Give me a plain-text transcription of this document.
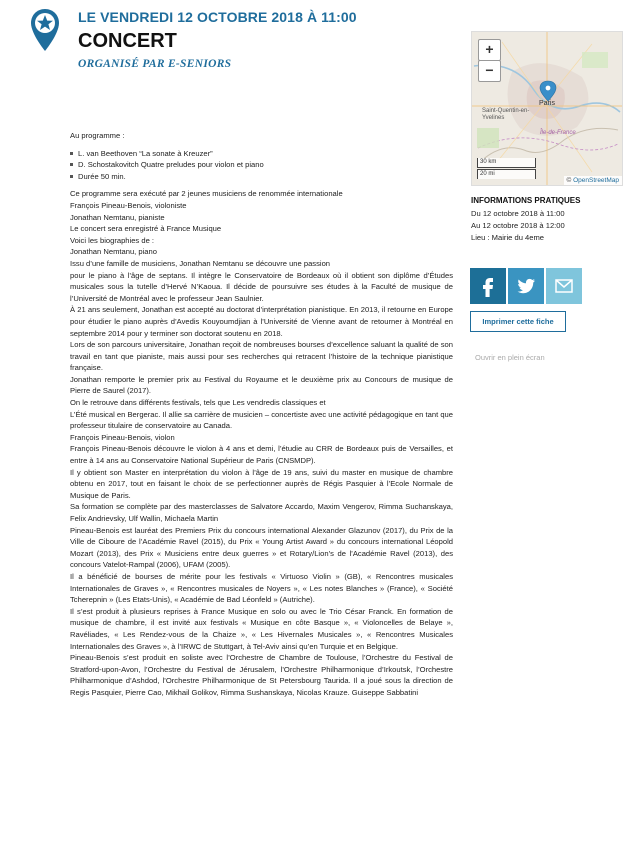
LE VENDREDI 12 OCTOBRE 2018 À 11:00
CONCERT
ORGANISÉ PAR E-SENIORS

Au programme :

L. van Beethoven “La sonate à Kreuzer”
D. Schostakovitch Quatre preludes pour violon et piano
Durée 50 min.

Ce programme sera exécuté par 2 jeunes musiciens de renommée internationale

François Pineau-Benois, violoniste

Jonathan Nemtanu, pianiste

Le concert sera enregistré à France Musique

Voici les biographies de :

Jonathan Nemtanu, piano

Issu d’une famille de musiciens, Jonathan Nemtanu se découvre une passion

pour le piano à l’âge de septans. Il intègre le Conservatoire de Bordeaux où il obtient son diplôme d’Études musicales sous la tutelle d’Hervé N’Kaoua. Il décide de poursuivre ses études à la Faculté de musique de l’Université de Montréal avec le professeur Jean Saulnier.

À 21 ans seulement, Jonathan est accepté au doctorat d’interprétation pianistique. En 2013, il retourne en Europe pour étudier le piano auprès d’Avedis Kouyoumdjian à l’Université de Vienne avant de retourner à Montréal en septembre 2014 pour y terminer son doctorat soutenu en 2018.

Lors de son parcours universitaire, Jonathan reçoit de nombreuses bourses d’excellence saluant la qualité de son travail en tant que pianiste, mais aussi pour ses recherches qui retracent l’histoire de la technique pianistique française.

Jonathan remporte le premier prix au Festival du Royaume et le deuxième prix au Concours de musique de Pierre de Saurel (2017).

On le retrouve dans différents festivals, tels que Les vendredis classiques et

L’Été musical en Bergerac. Il allie sa carrière de musicien – concertiste avec une activité pédagogique en tant que professeur titulaire de conservatoire au Canada.

François Pineau-Benois, violon

François Pineau-Benois découvre le violon à 4 ans et demi, l’étudie au CRR de Bordeaux puis de Versailles, et entre à 14 ans au Conservatoire National Supérieur de Paris (CNSMDP).

Il y obtient son Master en interprétation du violon à l’âge de 19 ans, suivi du master en musique de chambre obtenu en 2017, tout en faisant le choix de se perfectionner auprès de Régis Pasquier à l’Ecole Normale de Musique de Paris.

Sa formation se complète par des masterclasses de Salvatore Accardo, Maxim Vengerov, Rimma Suchanskaya, Felix Andrievsky, Ulf Wallin, Michaela Martin

Pineau-Benois est lauréat des Premiers Prix du concours international Alexander Glazunov (2017), du Prix de la Ville de Ciboure de l’Académie Ravel (2015), du Prix « Young Artist Award » du concours international Léopold Mozart (2013), des Prix « Musiciens entre deux guerres » et Rotary/Lion’s de l’Académie Ravel (2013), des concours Vatelot-Rampal (2006), UFAM (2005).

Il a bénéficié de bourses de mérite pour les festivals « Virtuoso Violin » (GB), « Rencontres musicales Internationales de Graves », « Rencontres musicales de Noyers », « Les notes Blanches » (France), « Société Tcherepnin » (Les Etats-Unis), « Académie de Bad Léonfeld » (Autriche).

Il s’est produit à plusieurs reprises à France Musique en solo ou avec le Trio César Franck. En formation de musique de chambre, il est invité aux festivals « Musique en côte Basque », « Violoncelles de Belaye », Ravéliades, « Les Rendez-vous de la Chaize », « Les Hivernales Musicales », « Rencontres Musicales Internationales des Graves », à l’IRWC de Stuttgart, à Tel-Aviv ainsi qu’en Turquie et en Belgique.

Pineau-Benois s’est produit en soliste avec l’Orchestre de Chambre de Toulouse, l’Orchestre du Festival de Stratford-upon-Avon, l’Orchestre du Festival de Jérusalem, l’Orchestre Philharmonique d’Irkoutsk, l’Orchestre Philharmonique d’Ashdod, l’Orchestre Philharmonique de St Petersbourg Taurida. Il a joué sous la direction de Regis Pasquier, Pierre Cao, Mikhail Golikov, Rimma Sushanskaya, Nicolas Krauze. Guiseppe Sabbatini

+
−
Paris
Saint-Quentin-en-Yvelines
Île-de-France
30 km
20 mi
© OpenStreetMap
INFORMATIONS PRATIQUES
Du 12 octobre 2018 à 11:00
Au 12 octobre 2018 à 12:00
Lieu : Mairie du 4eme
Imprimer cette fiche
Ouvrir en plein écran
